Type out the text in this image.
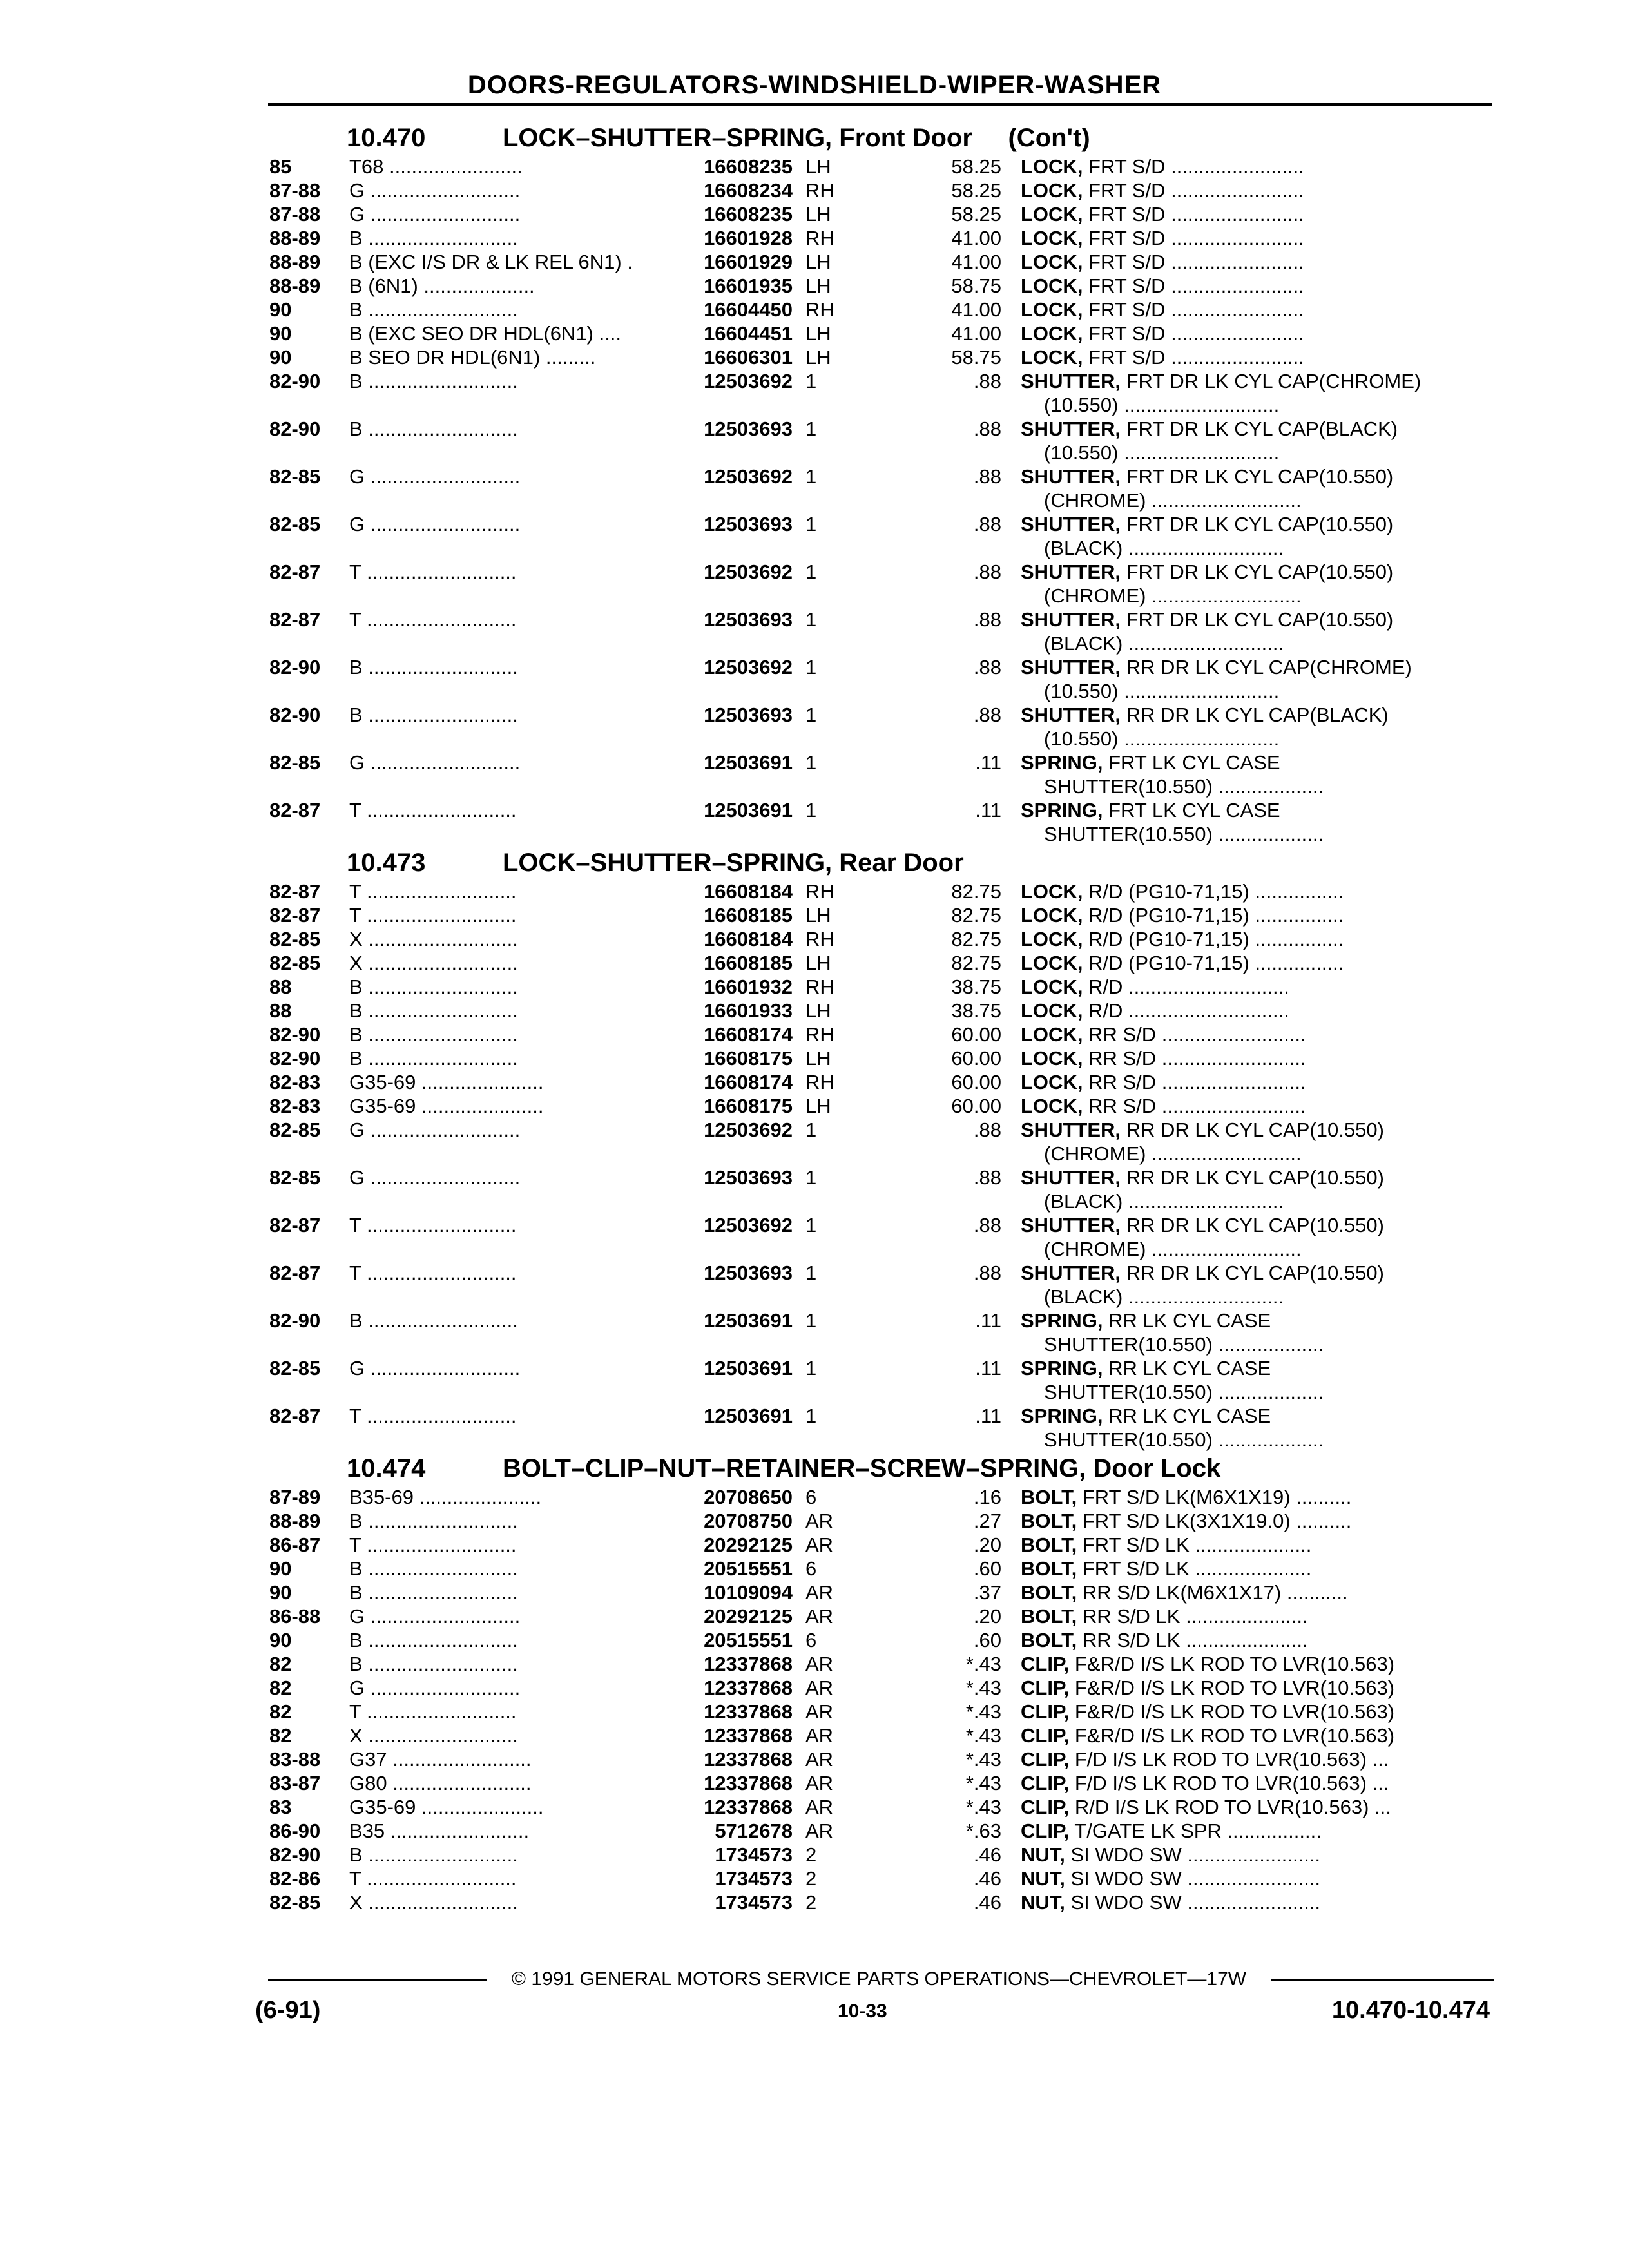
DOORS-REGULATORS-WINDSHIELD-WIPER-WASHER
10.470	LOCK–SHUTTER–SPRING, Front Door     (Con't)
85	T68 ........................	16608235 LH	58.25 LOCK, FRT S/D ........................
87-88	G ...........................	16608234 RH	58.25 LOCK, FRT S/D ........................
87-88	G ...........................	16608235 LH	58.25 LOCK, FRT S/D ........................
88-89	B ...........................	16601928 RH	41.00 LOCK, FRT S/D ........................
88-89	B (EXC I/S DR & LK REL 6N1) .	16601929 LH	41.00 LOCK, FRT S/D ........................
88-89	B (6N1) ....................	16601935 LH	58.75 LOCK, FRT S/D ........................
90	B ...........................	16604450 RH	41.00 LOCK, FRT S/D ........................
90	B (EXC SEO DR HDL(6N1) ....	16604451 LH	41.00 LOCK, FRT S/D ........................
90	B SEO DR HDL(6N1) .........	16606301 LH	58.75 LOCK, FRT S/D ........................
82-90	B ...........................	12503692 1	.88 SHUTTER, FRT DR LK CYL CAP(CHROME)
(10.550) ............................
82-90	B ...........................	12503693 1	.88 SHUTTER, FRT DR LK CYL CAP(BLACK)
(10.550) ............................
82-85	G ...........................	12503692 1	.88 SHUTTER, FRT DR LK CYL CAP(10.550)
(CHROME) ...........................
82-85	G ...........................	12503693 1	.88 SHUTTER, FRT DR LK CYL CAP(10.550)
(BLACK) ............................
82-87	T ...........................	12503692 1	.88 SHUTTER, FRT DR LK CYL CAP(10.550)
(CHROME) ...........................
82-87	T ...........................	12503693 1	.88 SHUTTER, FRT DR LK CYL CAP(10.550)
(BLACK) ............................
82-90	B ...........................	12503692 1	.88 SHUTTER, RR DR LK CYL CAP(CHROME)
(10.550) ............................
82-90	B ...........................	12503693 1	.88 SHUTTER, RR DR LK CYL CAP(BLACK)
(10.550) ............................
82-85	G ...........................	12503691 1	.11 SPRING, FRT LK CYL CASE
SHUTTER(10.550) ...................
82-87	T ...........................	12503691 1	.11 SPRING, FRT LK CYL CASE
SHUTTER(10.550) ...................
10.473	LOCK–SHUTTER–SPRING, Rear Door
82-87	T ...........................	16608184 RH	82.75 LOCK, R/D (PG10-71,15) ................
82-87	T ...........................	16608185 LH	82.75 LOCK, R/D (PG10-71,15) ................
82-85	X ...........................	16608184 RH	82.75 LOCK, R/D (PG10-71,15) ................
82-85	X ...........................	16608185 LH	82.75 LOCK, R/D (PG10-71,15) ................
88	B ...........................	16601932 RH	38.75 LOCK, R/D .............................
88	B ...........................	16601933 LH	38.75 LOCK, R/D .............................
82-90	B ...........................	16608174 RH	60.00 LOCK, RR S/D ..........................
82-90	B ...........................	16608175 LH	60.00 LOCK, RR S/D ..........................
82-83	G35-69 ......................	16608174 RH	60.00 LOCK, RR S/D ..........................
82-83	G35-69 ......................	16608175 LH	60.00 LOCK, RR S/D ..........................
82-85	G ...........................	12503692 1	.88 SHUTTER, RR DR LK CYL CAP(10.550)
(CHROME) ...........................
82-85	G ...........................	12503693 1	.88 SHUTTER, RR DR LK CYL CAP(10.550)
(BLACK) ............................
82-87	T ...........................	12503692 1	.88 SHUTTER, RR DR LK CYL CAP(10.550)
(CHROME) ...........................
82-87	T ...........................	12503693 1	.88 SHUTTER, RR DR LK CYL CAP(10.550)
(BLACK) ............................
82-90	B ...........................	12503691 1	.11 SPRING, RR LK CYL CASE
SHUTTER(10.550) ...................
82-85	G ...........................	12503691 1	.11 SPRING, RR LK CYL CASE
SHUTTER(10.550) ...................
82-87	T ...........................	12503691 1	.11 SPRING, RR LK CYL CASE
SHUTTER(10.550) ...................
10.474	BOLT–CLIP–NUT–RETAINER–SCREW–SPRING, Door Lock
87-89	B35-69 ......................	20708650 6	.16 BOLT, FRT S/D LK(M6X1X19) ..........
88-89	B ...........................	20708750 AR	.27 BOLT, FRT S/D LK(3X1X19.0) ..........
86-87	T ...........................	20292125 AR	.20 BOLT, FRT S/D LK .....................
90	B ...........................	20515551 6	.60 BOLT, FRT S/D LK .....................
90	B ...........................	10109094 AR	.37 BOLT, RR S/D LK(M6X1X17) ...........
86-88	G ...........................	20292125 AR	.20 BOLT, RR S/D LK ......................
90	B ...........................	20515551 6	.60 BOLT, RR S/D LK ......................
82	B ...........................	12337868 AR	*.43 CLIP, F&R/D I/S LK ROD TO LVR(10.563)
82	G ...........................	12337868 AR	*.43 CLIP, F&R/D I/S LK ROD TO LVR(10.563)
82	T ...........................	12337868 AR	*.43 CLIP, F&R/D I/S LK ROD TO LVR(10.563)
82	X ...........................	12337868 AR	*.43 CLIP, F&R/D I/S LK ROD TO LVR(10.563)
83-88	G37 .........................	12337868 AR	*.43 CLIP, F/D I/S LK ROD TO LVR(10.563) ...
83-87	G80 .........................	12337868 AR	*.43 CLIP, F/D I/S LK ROD TO LVR(10.563) ...
83	G35-69 ......................	12337868 AR	*.43 CLIP, R/D I/S LK ROD TO LVR(10.563) ...
86-90	B35 .........................	5712678 AR	*.63 CLIP, T/GATE LK SPR .................
82-90	B ...........................	1734573 2	.46 NUT, SI WDO SW ........................
82-86	T ...........................	1734573 2	.46 NUT, SI WDO SW ........................
82-85	X ...........................	1734573 2	.46 NUT, SI WDO SW ........................
© 1991 GENERAL MOTORS SERVICE PARTS OPERATIONS—CHEVROLET—17W
(6-91)	10-33	10.470-10.474
